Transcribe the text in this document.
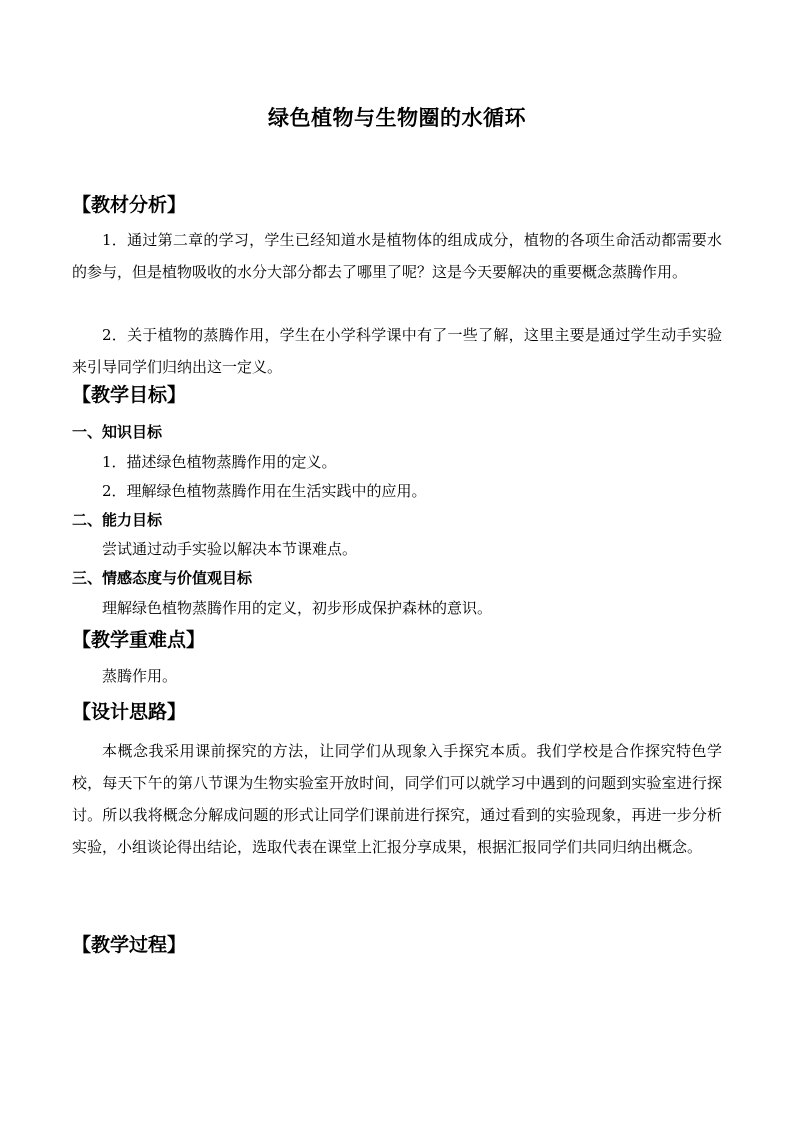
绿色植物与生物圈的水循环
【教材分析】
1．通过第二章的学习，学生已经知道水是植物体的组成成分，植物的各项生命活动都需要水的参与，但是植物吸收的水分大部分都去了哪里了呢？这是今天要解决的重要概念蒸腾作用。
2．关于植物的蒸腾作用，学生在小学科学课中有了一些了解，这里主要是通过学生动手实验来引导同学们归纳出这一定义。
【教学目标】
一、知识目标
1．描述绿色植物蒸腾作用的定义。
2．理解绿色植物蒸腾作用在生活实践中的应用。
二、能力目标
尝试通过动手实验以解决本节课难点。
三、情感态度与价值观目标
理解绿色植物蒸腾作用的定义，初步形成保护森林的意识。
【教学重难点】
蒸腾作用。
【设计思路】
本概念我采用课前探究的方法，让同学们从现象入手探究本质。我们学校是合作探究特色学校，每天下午的第八节课为生物实验室开放时间，同学们可以就学习中遇到的问题到实验室进行探讨。所以我将概念分解成问题的形式让同学们课前进行探究，通过看到的实验现象，再进一步分析实验，小组谈论得出结论，选取代表在课堂上汇报分享成果，根据汇报同学们共同归纳出概念。
【教学过程】
